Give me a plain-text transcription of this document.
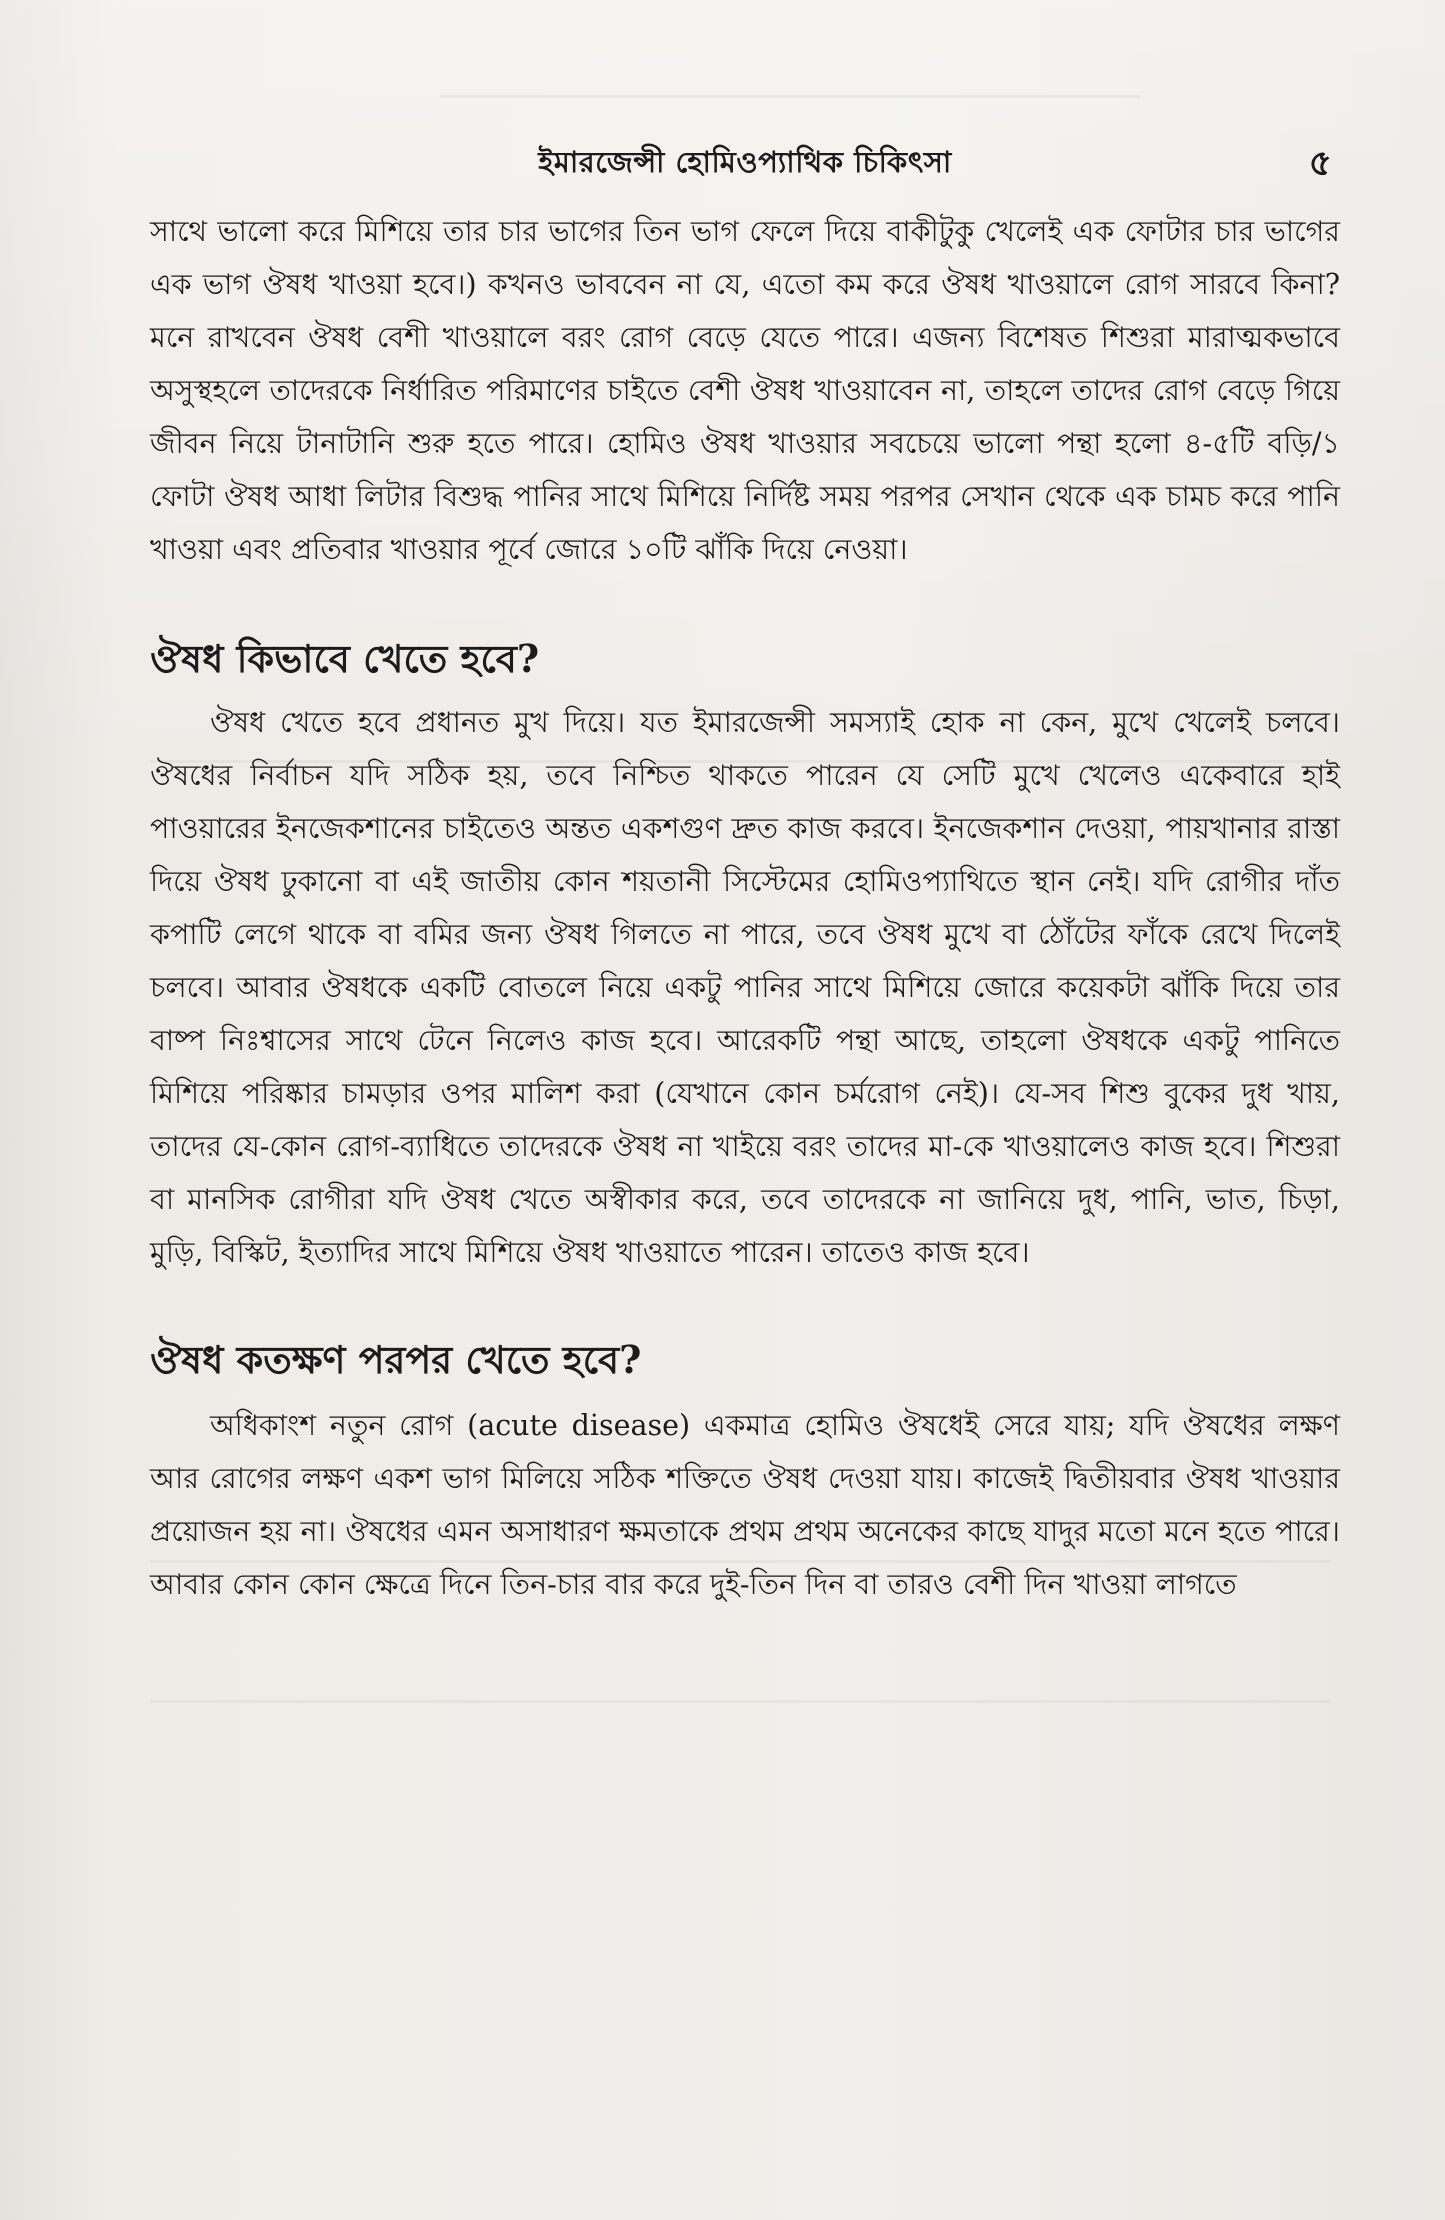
ইমারজেন্সী হোমিওপ্যাথিক চিকিৎসা	৫

সাথে ভালো করে মিশিয়ে তার চার ভাগের তিন ভাগ ফেলে দিয়ে বাকীটুকু খেলেই এক ফোটার চার ভাগের এক ভাগ ঔষধ খাওয়া হবে।) কখনও ভাববেন না যে, এতো কম করে ঔষধ খাওয়ালে রোগ সারবে কিনা? মনে রাখবেন ঔষধ বেশী খাওয়ালে বরং রোগ বেড়ে যেতে পারে। এজন্য বিশেষত শিশুরা মারাত্মকভাবে অসুস্থহলে তাদেরকে নির্ধারিত পরিমাণের চাইতে বেশী ঔষধ খাওয়াবেন না, তাহলে তাদের রোগ বেড়ে গিয়ে জীবন নিয়ে টানাটানি শুরু হতে পারে। হোমিও ঔষধ খাওয়ার সবচেয়ে ভালো পন্থা হলো ৪-৫টি বড়ি/১ ফোটা ঔষধ আধা লিটার বিশুদ্ধ পানির সাথে মিশিয়ে নির্দিষ্ট সময় পরপর সেখান থেকে এক চামচ করে পানি খাওয়া এবং প্রতিবার খাওয়ার পূর্বে জোরে ১০টি ঝাঁকি দিয়ে নেওয়া।

ঔষধ কিভাবে খেতে হবে?

ঔষধ খেতে হবে প্রধানত মুখ দিয়ে। যত ইমারজেন্সী সমস্যাই হোক না কেন, মুখে খেলেই চলবে। ঔষধের নির্বাচন যদি সঠিক হয়, তবে নিশ্চিত থাকতে পারেন যে সেটি মুখে খেলেও একেবারে হাই পাওয়ারের ইনজেকশানের চাইতেও অন্তত একশগুণ দ্রুত কাজ করবে। ইনজেকশান দেওয়া, পায়খানার রাস্তা দিয়ে ঔষধ ঢুকানো বা এই জাতীয় কোন শয়তানী সিস্টেমের হোমিওপ্যাথিতে স্থান নেই। যদি রোগীর দাঁত কপাটি লেগে থাকে বা বমির জন্য ঔষধ গিলতে না পারে, তবে ঔষধ মুখে বা ঠোঁটের ফাঁকে রেখে দিলেই চলবে। আবার ঔষধকে একটি বোতলে নিয়ে একটু পানির সাথে মিশিয়ে জোরে কয়েকটা ঝাঁকি দিয়ে তার বাষ্প নিঃশ্বাসের সাথে টেনে নিলেও কাজ হবে। আরেকটি পন্থা আছে, তাহলো ঔষধকে একটু পানিতে মিশিয়ে পরিষ্কার চামড়ার ওপর মালিশ করা (যেখানে কোন চর্মরোগ নেই)। যে-সব শিশু বুকের দুধ খায়, তাদের যে-কোন রোগ-ব্যাধিতে তাদেরকে ঔষধ না খাইয়ে বরং তাদের মা-কে খাওয়ালেও কাজ হবে। শিশুরা বা মানসিক রোগীরা যদি ঔষধ খেতে অস্বীকার করে, তবে তাদেরকে না জানিয়ে দুধ, পানি, ভাত, চিড়া, মুড়ি, বিস্কিট, ইত্যাদির সাথে মিশিয়ে ঔষধ খাওয়াতে পারেন। তাতেও কাজ হবে।

ঔষধ কতক্ষণ পরপর খেতে হবে?

অধিকাংশ নতুন রোগ (acute disease) একমাত্র হোমিও ঔষধেই সেরে যায়; যদি ঔষধের লক্ষণ আর রোগের লক্ষণ একশ ভাগ মিলিয়ে সঠিক শক্তিতে ঔষধ দেওয়া যায়। কাজেই দ্বিতীয়বার ঔষধ খাওয়ার প্রয়োজন হয় না। ঔষধের এমন অসাধারণ ক্ষমতাকে প্রথম প্রথম অনেকের কাছে যাদুর মতো মনে হতে পারে। আবার কোন কোন ক্ষেত্রে দিনে তিন-চার বার করে দুই-তিন দিন বা তারও বেশী দিন খাওয়া লাগতে
